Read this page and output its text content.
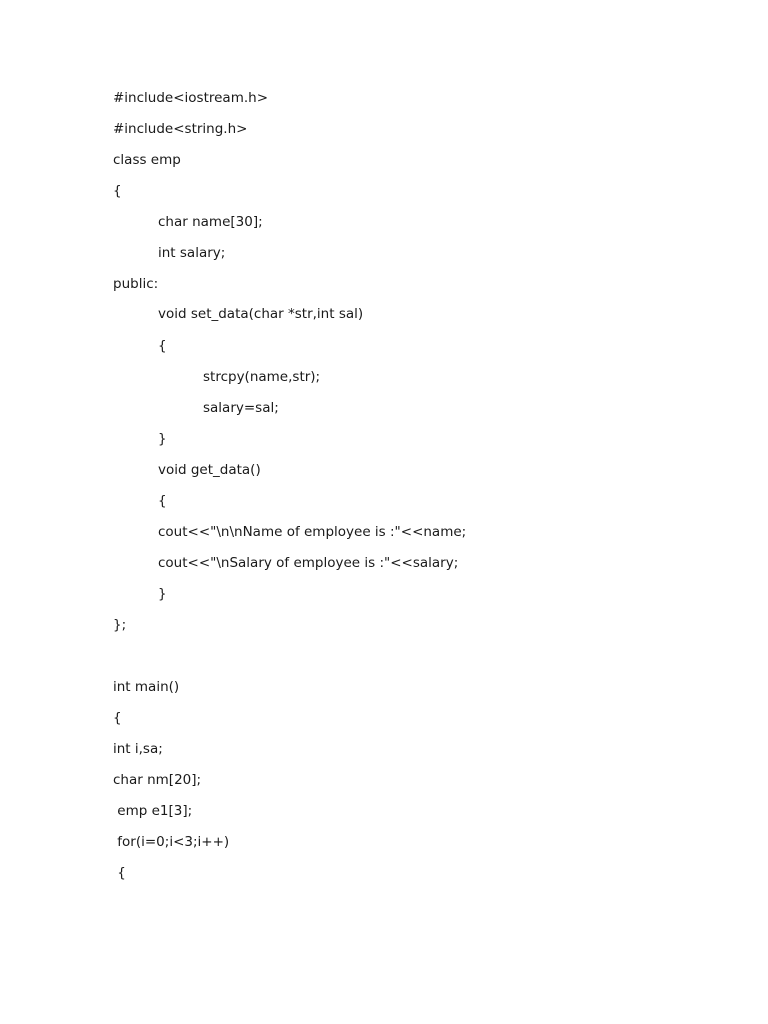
#include<iostream.h>
#include<string.h>
class emp
{
char name[30];
int salary;
public:
void set_data(char *str,int sal)
{
strcpy(name,str);
salary=sal;
}
void get_data()
{
cout<<"\n\nName of employee is :"<<name;
cout<<"\nSalary of employee is :"<<salary;
}
};
int main()
{
int i,sa;
char nm[20];
emp e1[3];
for(i=0;i<3;i++)
{
